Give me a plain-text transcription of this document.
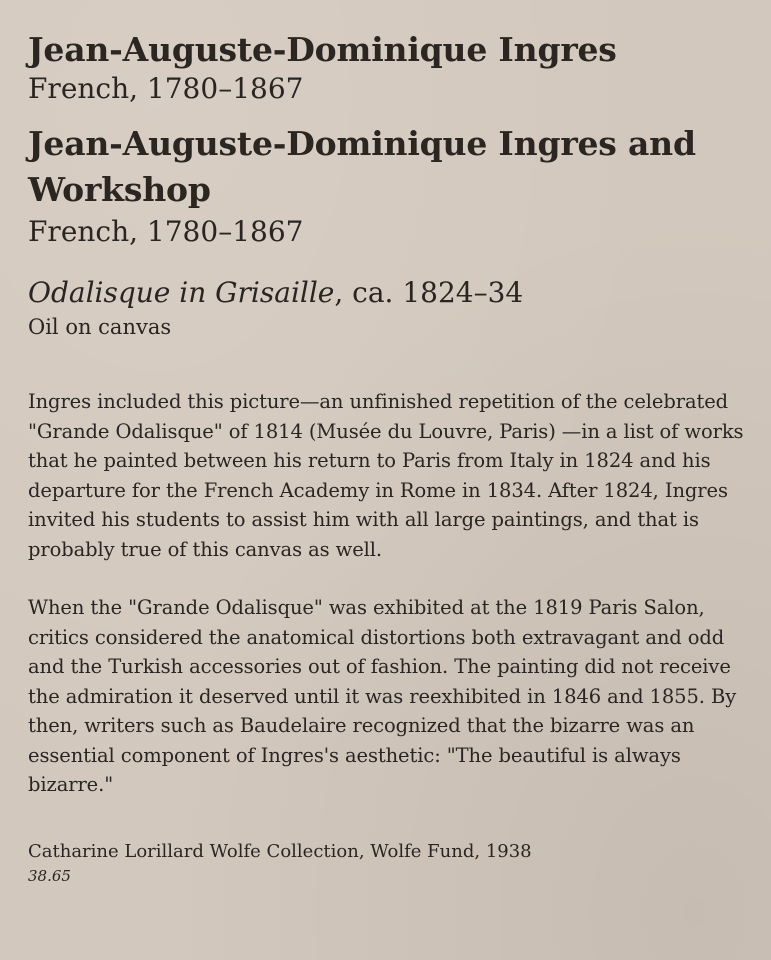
Jean-Auguste-Dominique Ingres
French, 1780–1867
Jean-Auguste-Dominique Ingres and Workshop
French, 1780–1867
Odalisque in Grisaille, ca. 1824–34
Oil on canvas

Ingres included this picture—an unfinished repetition of the celebrated "Grande Odalisque" of 1814 (Musée du Louvre, Paris) —in a list of works that he painted between his return to Paris from Italy in 1824 and his departure for the French Academy in Rome in 1834. After 1824, Ingres invited his students to assist him with all large paintings, and that is probably true of this canvas as well.

When the "Grande Odalisque" was exhibited at the 1819 Paris Salon, critics considered the anatomical distortions both extravagant and odd and the Turkish accessories out of fashion. The painting did not receive the admiration it deserved until it was reexhibited in 1846 and 1855. By then, writers such as Baudelaire recognized that the bizarre was an essential component of Ingres's aesthetic: "The beautiful is always bizarre."

Catharine Lorillard Wolfe Collection, Wolfe Fund, 1938
38.65
